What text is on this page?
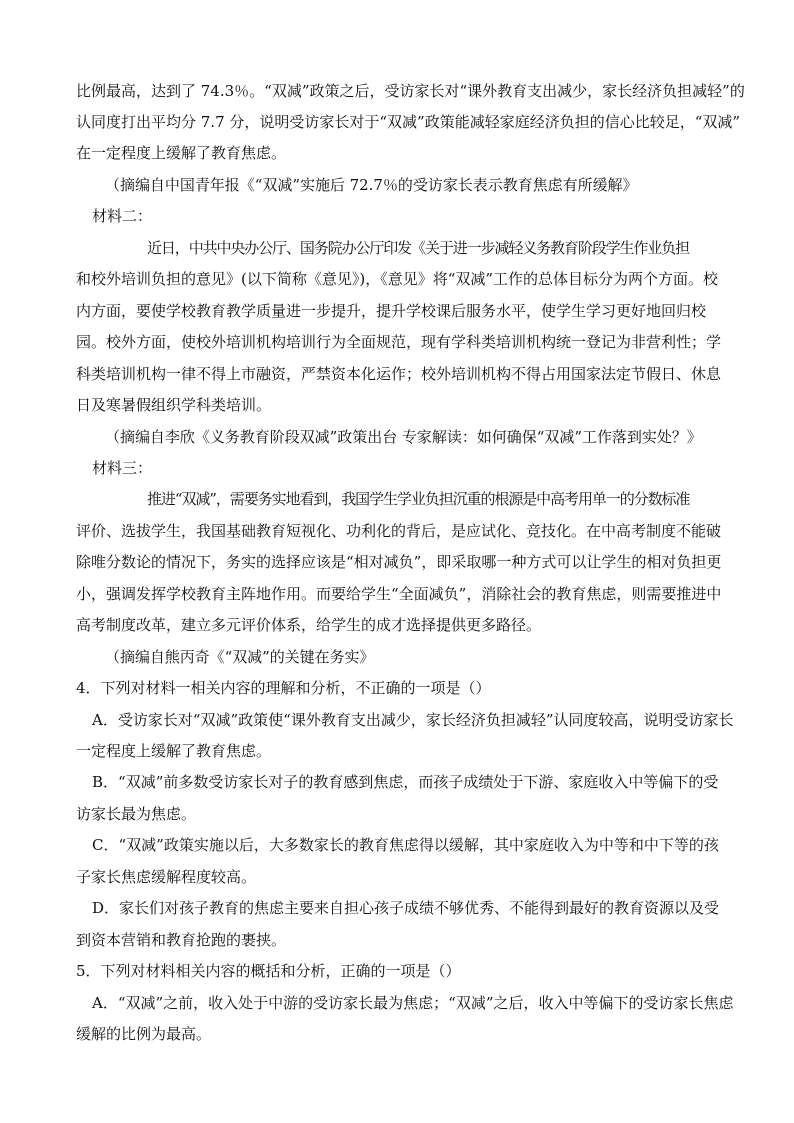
比例最高，达到了 74.3％。“双减”政策之后，受访家长对“课外教育支出减少，家长经济负担减轻”的
认同度打出平均分 7.7 分，说明受访家长对于“双减”政策能减轻家庭经济负担的信心比较足，“双减”
在一定程度上缓解了教育焦虑。
（摘编自中国青年报《“双减”实施后 72.7％的受访家长表示教育焦虑有所缓解》
材料二：
近日，中共中央办公厅、国务院办公厅印发《关于进一步减轻义务教育阶段学生作业负担
和校外培训负担的意见》(以下简称《意见》)，《意见》将“双减”工作的总体目标分为两个方面。校
内方面，要使学校教育教学质量进一步提升，提升学校课后服务水平，使学生学习更好地回归校
园。校外方面，使校外培训机构培训行为全面规范，现有学科类培训机构统一登记为非营利性；学
科类培训机构一律不得上市融资，严禁资本化运作；校外培训机构不得占用国家法定节假日、休息
日及寒暑假组织学科类培训。
（摘编自李欣《义务教育阶段双减”政策出台 专家解读：如何确保“双减”工作落到实处？》
材料三：
推进“双减”，需要务实地看到，我国学生学业负担沉重的根源是中高考用单一的分数标准
评价、选拔学生，我国基础教育短视化、功利化的背后，是应试化、竞技化。在中高考制度不能破
除唯分数论的情况下，务实的选择应该是“相对减负”，即采取哪一种方式可以让学生的相对负担更
小，强调发挥学校教育主阵地作用。而要给学生“全面减负”，消除社会的教育焦虑，则需要推进中
高考制度改革，建立多元评价体系，给学生的成才选择提供更多路径。
（摘编自熊丙奇《“双减”的关键在务实》
4．下列对材料一相关内容的理解和分析，不正确的一项是（）
A．受访家长对“双减”政策使“课外教育支出减少，家长经济负担减轻”认同度较高，说明受访家长
一定程度上缓解了教育焦虑。
B．“双减”前多数受访家长对子的教育感到焦虑，而孩子成绩处于下游、家庭收入中等偏下的受
访家长最为焦虑。
C．“双减”政策实施以后，大多数家长的教育焦虑得以缓解，其中家庭收入为中等和中下等的孩
子家长焦虑缓解程度较高。
D．家长们对孩子教育的焦虑主要来自担心孩子成绩不够优秀、不能得到最好的教育资源以及受
到资本营销和教育抢跑的裹挟。
5．下列对材料相关内容的概括和分析，正确的一项是（）
A．“双减”之前，收入处于中游的受访家长最为焦虑；“双减”之后，收入中等偏下的受访家长焦虑
缓解的比例为最高。
